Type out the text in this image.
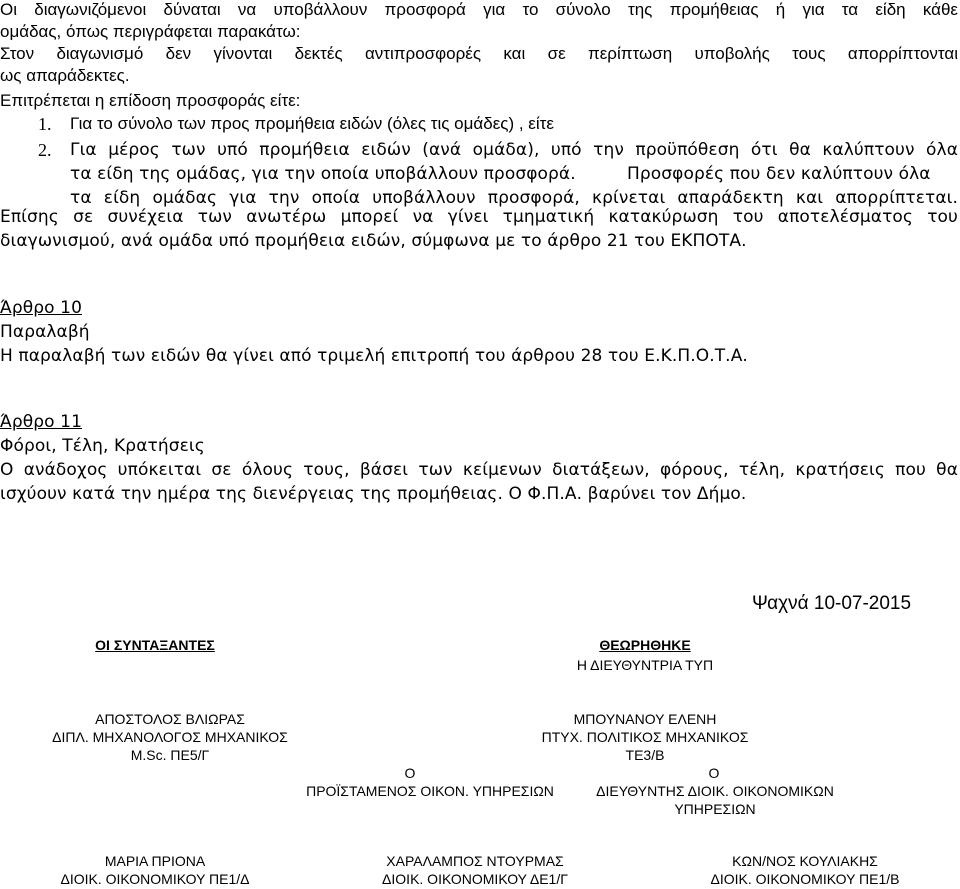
Οι διαγωνιζόμενοι δύναται να υποβάλλουν προσφορά για το σύνολο της προμήθειας ή για τα είδη κάθε

ομάδας, όπως περιγράφεται παρακάτω:

Στον διαγωνισμό δεν γίνονται δεκτές αντιπροσφορές και σε περίπτωση υποβολής τους απορρίπτονται

ως απαράδεκτες.

Επιτρέπεται η επίδοση προσφοράς είτε:

1. Για το σύνολο των προς προμήθεια ειδών (όλες τις ομάδες) , είτε

2. Για μέρος των υπό προμήθεια ειδών (ανά ομάδα), υπό την προϋπόθεση ότι θα καλύπτουν όλα

τα είδη της ομάδας, για την οποία υποβάλλουν προσφορά.	Προσφορές που δεν καλύπτουν όλα

τα είδη ομάδας για την οποία υποβάλλουν προσφορά, κρίνεται απαράδεκτη και απορρίπτεται.

Επίσης σε συνέχεια των ανωτέρω μπορεί να γίνει τμηματική κατακύρωση του αποτελέσματος του

διαγωνισμού, ανά ομάδα υπό προμήθεια ειδών, σύμφωνα με το άρθρο 21 του ΕΚΠΟΤΑ.

Άρθρο 10

Παραλαβή

Η παραλαβή των ειδών θα γίνει από τριμελή επιτροπή του άρθρου 28 του Ε.Κ.Π.Ο.Τ.Α.

Άρθρο 11

Φόροι, Τέλη, Κρατήσεις

Ο ανάδοχος υπόκειται σε όλους τους, βάσει των κείμενων διατάξεων, φόρους, τέλη, κρατήσεις που θα

ισχύουν κατά την ημέρα της διενέργειας της προμήθειας. Ο Φ.Π.Α. βαρύνει τον Δήμο.

Ψαχνά 10-07-2015

ΟΙ ΣΥΝΤΑΞΑΝΤΕΣ	ΘΕΩΡΗΘΗΚΕ
Η ΔΙΕΥΘΥΝΤΡΙΑ ΤΥΠ
ΑΠΟΣΤΟΛΟΣ ΒΛΙΩΡΑΣ
ΔΙΠΛ. ΜΗΧΑΝΟΛΟΓΟΣ ΜΗΧΑΝΙΚΟΣ
M.Sc. ΠΕ5/Γ
ΜΠΟΥΝΑΝΟΥ ΕΛΕΝΗ
ΠΤΥΧ. ΠΟΛΙΤΙΚΟΣ ΜΗΧΑΝΙΚΟΣ
ΤΕ3/Β
Ο
ΠΡΟΪΣΤΑΜΕΝΟΣ ΟΙΚΟΝ. ΥΠΗΡΕΣΙΩΝ
Ο
ΔΙΕΥΘΥΝΤΗΣ ΔΙΟΙΚ. ΟΙΚΟΝΟΜΙΚΩΝ
ΥΠΗΡΕΣΙΩΝ
ΜΑΡΙΑ ΠΡΙΟΝΑ
ΔΙΟΙΚ. ΟΙΚΟΝΟΜΙΚΟΥ ΠΕ1/Δ
ΧΑΡΑΛΑΜΠΟΣ ΝΤΟΥΡΜΑΣ
ΔΙΟΙΚ. ΟΙΚΟΝΟΜΙΚΟΥ ΔΕ1/Γ
ΚΩΝ/ΝΟΣ ΚΟΥΛΙΑΚΗΣ
ΔΙΟΙΚ. ΟΙΚΟΝΟΜΙΚΟΥ ΠΕ1/Β
